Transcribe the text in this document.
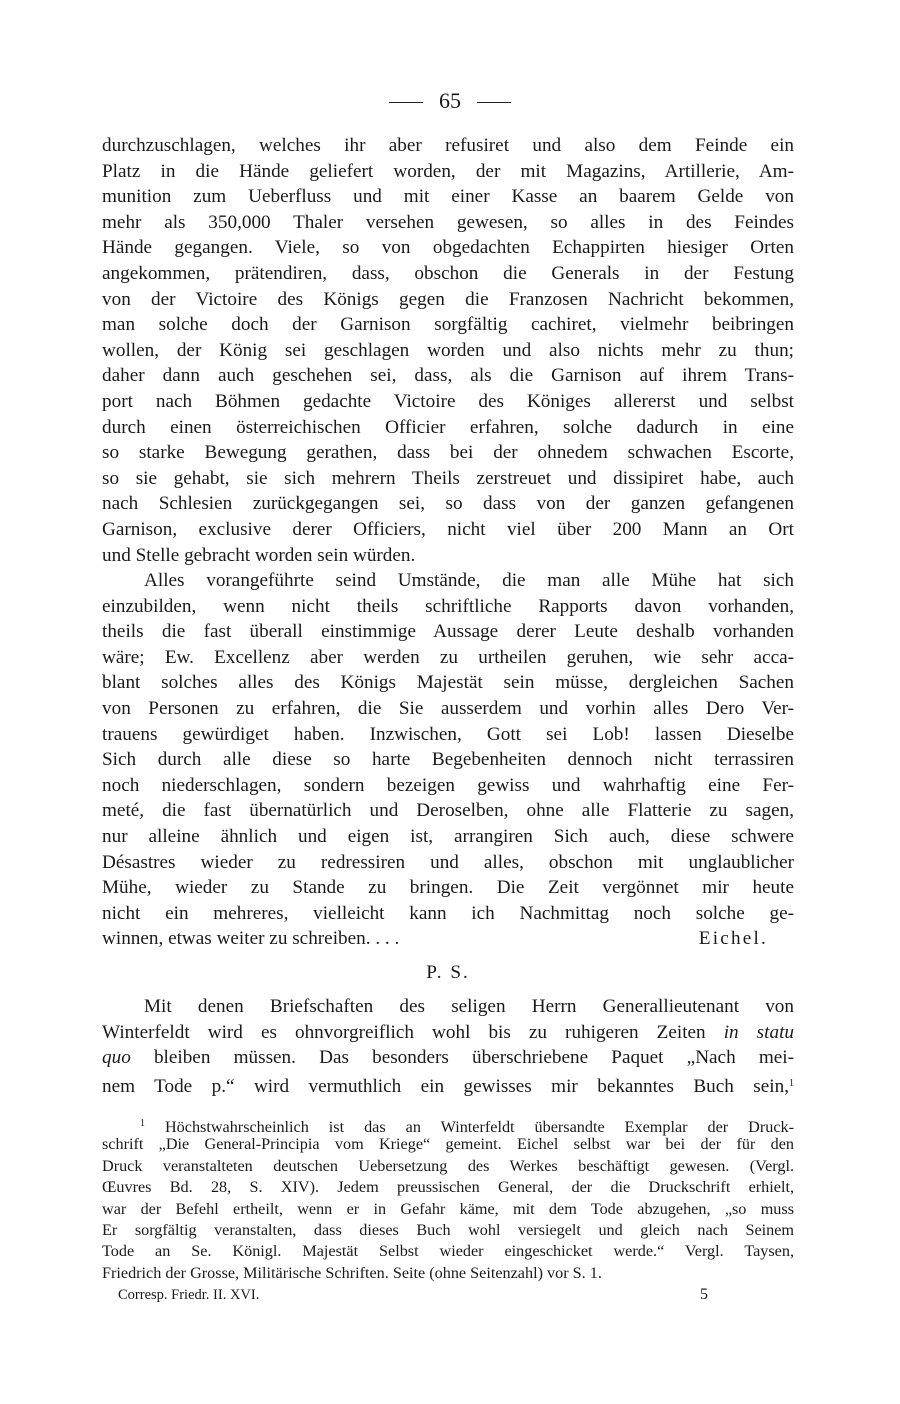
65
durchzuschlagen, welches ihr aber refusiret und also dem Feinde ein
Platz in die Hände geliefert worden, der mit Magazins, Artillerie, Am-
munition zum Ueberfluss und mit einer Kasse an baarem Gelde von
mehr als 350,000 Thaler versehen gewesen, so alles in des Feindes
Hände gegangen. Viele, so von obgedachten Echappirten hiesiger Orten
angekommen, prätendiren, dass, obschon die Generals in der Festung
von der Victoire des Königs gegen die Franzosen Nachricht bekommen,
man solche doch der Garnison sorgfältig cachiret, vielmehr beibringen
wollen, der König sei geschlagen worden und also nichts mehr zu thun;
daher dann auch geschehen sei, dass, als die Garnison auf ihrem Trans-
port nach Böhmen gedachte Victoire des Königes allererst und selbst
durch einen österreichischen Officier erfahren, solche dadurch in eine
so starke Bewegung gerathen, dass bei der ohnedem schwachen Escorte,
so sie gehabt, sie sich mehrern Theils zerstreuet und dissipiret habe, auch
nach Schlesien zurückgegangen sei, so dass von der ganzen gefangenen
Garnison, exclusive derer Officiers, nicht viel über 200 Mann an Ort
und Stelle gebracht worden sein würden.
Alles vorangeführte seind Umstände, die man alle Mühe hat sich
einzubilden, wenn nicht theils schriftliche Rapports davon vorhanden,
theils die fast überall einstimmige Aussage derer Leute deshalb vorhanden
wäre; Ew. Excellenz aber werden zu urtheilen geruhen, wie sehr acca-
blant solches alles des Königs Majestät sein müsse, dergleichen Sachen
von Personen zu erfahren, die Sie ausserdem und vorhin alles Dero Ver-
trauens gewürdiget haben. Inzwischen, Gott sei Lob! lassen Dieselbe
Sich durch alle diese so harte Begebenheiten dennoch nicht terrassiren
noch niederschlagen, sondern bezeigen gewiss und wahrhaftig eine Fer-
meté, die fast übernatürlich und Deroselben, ohne alle Flatterie zu sagen,
nur alleine ähnlich und eigen ist, arrangiren Sich auch, diese schwere
Désastres wieder zu redressiren und alles, obschon mit unglaublicher
Mühe, wieder zu Stande zu bringen. Die Zeit vergönnet mir heute
nicht ein mehreres, vielleicht kann ich Nachmittag noch solche ge-
winnen, etwas weiter zu schreiben. . . .	Eichel.
P. S.
Mit denen Briefschaften des seligen Herrn Generallieutenant von
Winterfeldt wird es ohnvorgreiflich wohl bis zu ruhigeren Zeiten in statu
quo bleiben müssen. Das besonders überschriebene Paquet „Nach mei-
nem Tode p.“ wird vermuthlich ein gewisses mir bekanntes Buch sein,$^1$
$^1$ Höchstwahrscheinlich ist das an Winterfeldt übersandte Exemplar der Druck-
schrift „Die General-Principia vom Kriege“ gemeint. Eichel selbst war bei der für den
Druck veranstalteten deutschen Uebersetzung des Werkes beschäftigt gewesen. (Vergl.
Œuvres Bd. 28, S. XIV). Jedem preussischen General, der die Druckschrift erhielt,
war der Befehl ertheilt, wenn er in Gefahr käme, mit dem Tode abzugehen, „so muss
Er sorgfältig veranstalten, dass dieses Buch wohl versiegelt und gleich nach Seinem
Tode an Se. Königl. Majestät Selbst wieder eingeschicket werde.“ Vergl. Taysen,
Friedrich der Grosse, Militärische Schriften. Seite (ohne Seitenzahl) vor S. 1.
Corresp. Friedr. II. XVI.	5
